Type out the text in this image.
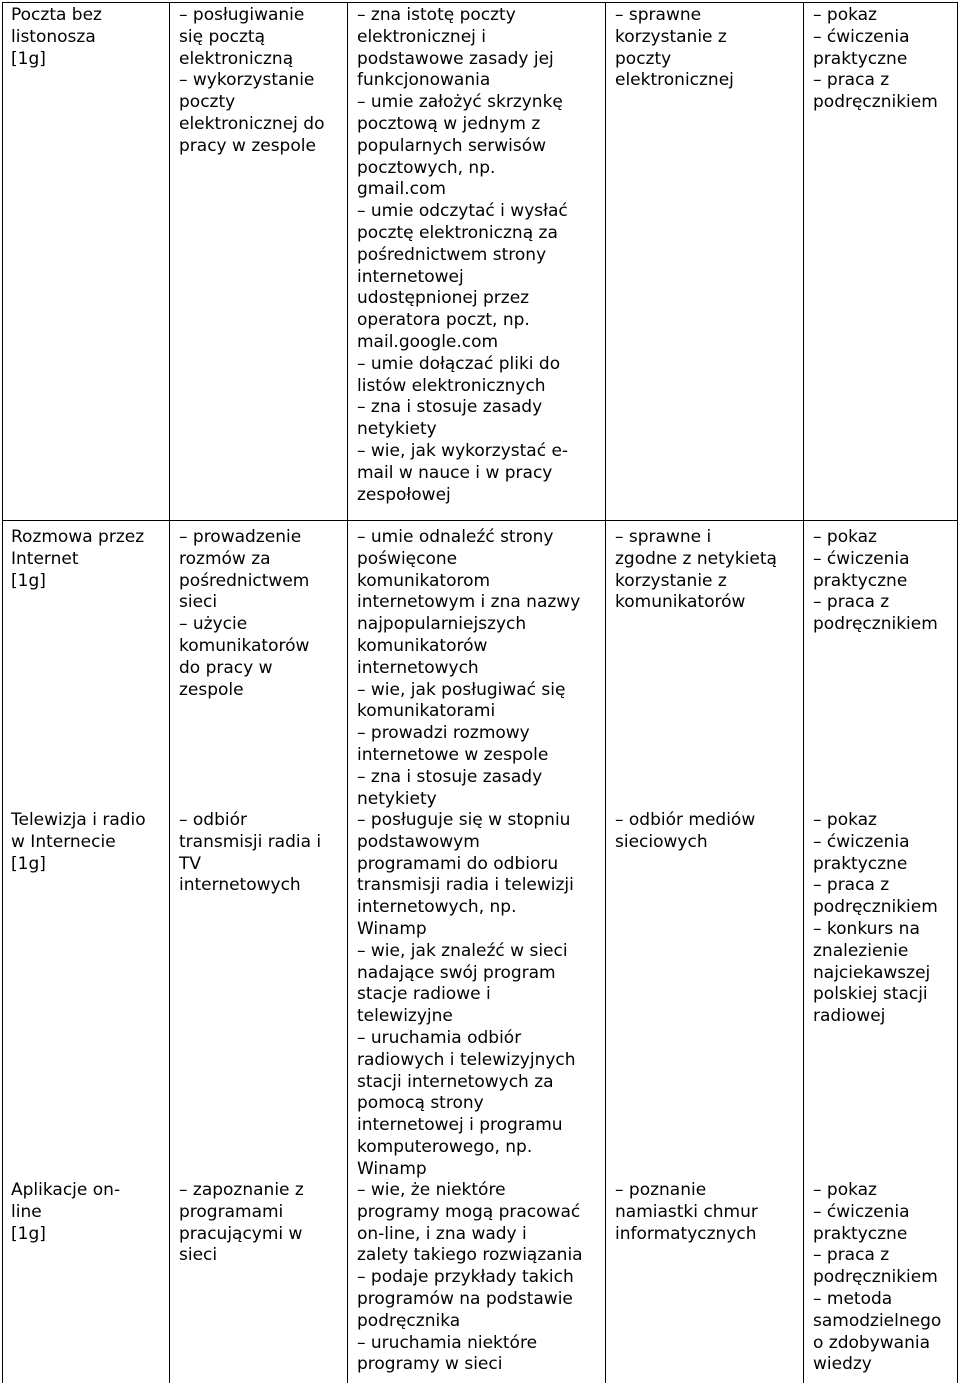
Poczta bez
listonosza
[1g]
– posługiwanie
się pocztą
elektroniczną
– wykorzystanie
poczty
elektronicznej do
pracy w zespole
– zna istotę poczty
elektronicznej i
podstawowe zasady jej
funkcjonowania
– umie założyć skrzynkę
pocztową w jednym z
popularnych serwisów
pocztowych, np.
gmail.com
– umie odczytać i wysłać
pocztę elektroniczną za
pośrednictwem strony
internetowej
udostępnionej przez
operatora poczt, np.
mail.google.com
– umie dołączać pliki do
listów elektronicznych
– zna i stosuje zasady
netykiety
– wie, jak wykorzystać e-
mail w nauce i w pracy
zespołowej
– sprawne
korzystanie z
poczty
elektronicznej
– pokaz
– ćwiczenia
praktyczne
– praca z
podręcznikiem
Rozmowa przez
Internet
[1g]
– prowadzenie
rozmów za
pośrednictwem
sieci
– użycie
komunikatorów
do pracy w
zespole
– umie odnaleźć strony
poświęcone
komunikatorom
internetowym i zna nazwy
najpopularniejszych
komunikatorów
internetowych
– wie, jak posługiwać się
komunikatorami
– prowadzi rozmowy
internetowe w zespole
– zna i stosuje zasady
netykiety
– sprawne i
zgodne z netykietą
korzystanie z
komunikatorów
– pokaz
– ćwiczenia
praktyczne
– praca z
podręcznikiem
Telewizja i radio
w Internecie
[1g]
– odbiór
transmisji radia i
TV
internetowych
– posługuje się w stopniu
podstawowym
programami do odbioru
transmisji radia i telewizji
internetowych, np.
Winamp
– wie, jak znaleźć w sieci
nadające swój program
stacje radiowe i
telewizyjne
– uruchamia odbiór
radiowych i telewizyjnych
stacji internetowych za
pomocą strony
internetowej i programu
komputerowego, np.
Winamp
– odbiór mediów
sieciowych
– pokaz
– ćwiczenia
praktyczne
– praca z
podręcznikiem
– konkurs na
znalezienie
najciekawszej
polskiej stacji
radiowej
Aplikacje on-
line
[1g]
– zapoznanie z
programami
pracującymi w
sieci
– wie, że niektóre
programy mogą pracować
on-line, i zna wady i
zalety takiego rozwiązania
– podaje przykłady takich
programów na podstawie
podręcznika
– uruchamia niektóre
programy w sieci
– poznanie
namiastki chmur
informatycznych
– pokaz
– ćwiczenia
praktyczne
– praca z
podręcznikiem
– metoda
samodzielnego
o zdobywania
wiedzy
